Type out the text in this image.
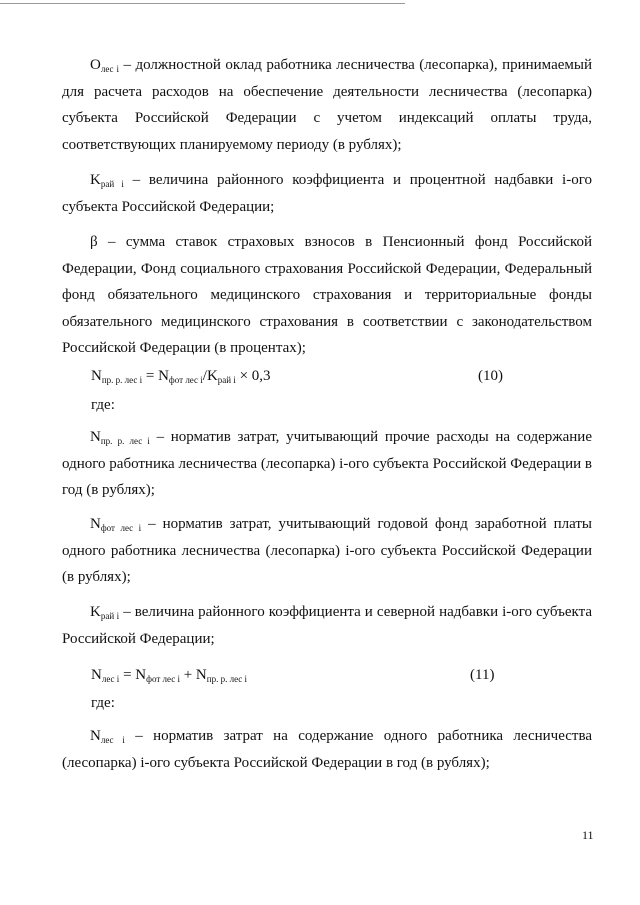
$О_{лес i}$ – должностной оклад работника лесничества (лесопарка), принимаемый для расчета расходов на обеспечение деятельности лесничества (лесопарка) субъекта Российской Федерации с учетом индексаций оплаты труда, соответствующих планируемому периоду (в рублях);
$K_{рай i}$ – величина районного коэффициента и процентной надбавки i-ого субъекта Российской Федерации;
β – сумма ставок страховых взносов в Пенсионный фонд Российской Федерации, Фонд социального страхования Российской Федерации, Федеральный фонд обязательного медицинского страхования и территориальные фонды обязательного медицинского страхования в соответствии с законодательством Российской Федерации (в процентах);
$N_{пр. р. лес i} = N_{фот лес i}/K_{рай i} \times 0,3$	(10)
где:
$N_{пр. р. лес i}$ – норматив затрат, учитывающий прочие расходы на содержание одного работника лесничества (лесопарка) i-ого субъекта Российской Федерации в год (в рублях);
$N_{фот лес i}$ – норматив затрат, учитывающий годовой фонд заработной платы одного работника лесничества (лесопарка) i-ого субъекта Российской Федерации (в рублях);
$K_{рай i}$ – величина районного коэффициента и северной надбавки i-ого субъекта Российской Федерации;
$N_{лес i} = N_{фот лес i} + N_{пр. р. лес i}$	(11)
где:
$N_{лес i}$ – норматив затрат на содержание одного работника лесничества (лесопарка) i-ого субъекта Российской Федерации в год (в рублях);
11
